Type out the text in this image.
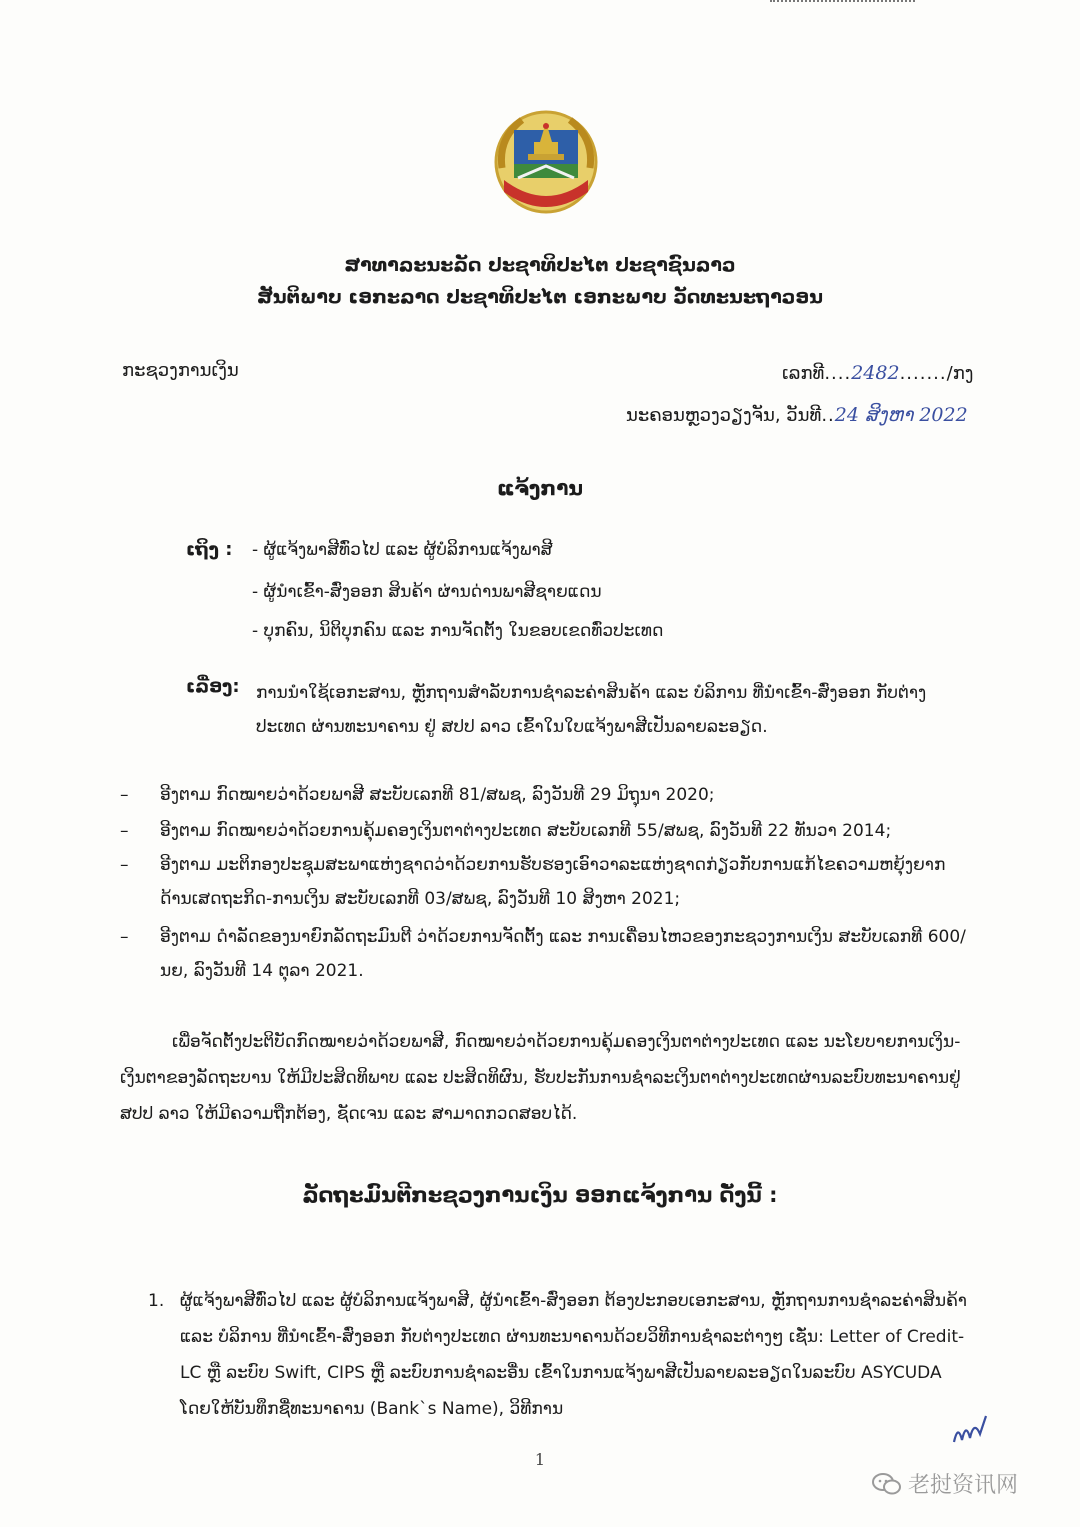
ສາທາລະນະລັດ ປະຊາທິປະໄຕ ປະຊາຊົນລາວ
ສັນຕິພາບ ເອກະລາດ ປະຊາທິປະໄຕ ເອກະພາບ ວັດທະນະຖາວອນ
ກະຊວງການເງິນ	ເລກທີ....2482......./ກງ
ນະຄອນຫຼວງວຽງຈັນ, ວັນທີ..24 ສິງຫາ 2022
ແຈ້ງການ
ເຖິງ : - ຜູ້ແຈ້ງພາສີທົ່ວໄປ ແລະ ຜູ້ບໍລິການແຈ້ງພາສີ
- ຜູ້ນໍາເຂົ້າ-ສົ່ງອອກ ສິນຄ້າ ຜ່ານດ່ານພາສີຊາຍແດນ
- ບຸກຄົນ, ນິຕິບຸກຄົນ ແລະ ການຈັດຕັ້ງ ໃນຂອບເຂດທົ່ວປະເທດ
ເລື່ອງ: ການນໍາໃຊ້ເອກະສານ, ຫຼັກຖານສໍາລັບການຊໍາລະຄ່າສິນຄ້າ ແລະ ບໍລິການ ທີ່ນໍາເຂົ້າ-ສົ່ງອອກ ກັບຕ່າງປະເທດ ຜ່ານທະນາຄານ ຢູ່ ສປປ ລາວ ເຂົ້າໃນໃບແຈ້ງພາສີເປັນລາຍລະອຽດ.
– ອີງຕາມ ກົດໝາຍວ່າດ້ວຍພາສີ ສະບັບເລກທີ 81/ສພຊ, ລົງວັນທີ 29 ມິຖຸນາ 2020;
– ອີງຕາມ ກົດໝາຍວ່າດ້ວຍການຄຸ້ມຄອງເງິນຕາຕ່າງປະເທດ ສະບັບເລກທີ 55/ສພຊ, ລົງວັນທີ 22 ທັນວາ 2014;
– ອີງຕາມ ມະຕິກອງປະຊຸມສະພາແຫ່ງຊາດວ່າດ້ວຍການຮັບຮອງເອົາວາລະແຫ່ງຊາດກ່ຽວກັບການແກ້ໄຂຄວາມຫຍຸ້ງຍາກດ້ານເສດຖະກິດ-ການເງິນ ສະບັບເລກທີ 03/ສພຊ, ລົງວັນທີ 10 ສິງຫາ 2021;
– ອີງຕາມ ດໍາລັດຂອງນາຍົກລັດຖະມົນຕີ ວ່າດ້ວຍການຈັດຕັ້ງ ແລະ ການເຄື່ອນໄຫວຂອງກະຊວງການເງິນ ສະບັບເລກທີ 600/ນຍ, ລົງວັນທີ 14 ຕຸລາ 2021.
ເພື່ອຈັດຕັ້ງປະຕິບັດກົດໝາຍວ່າດ້ວຍພາສີ, ກົດໝາຍວ່າດ້ວຍການຄຸ້ມຄອງເງິນຕາຕ່າງປະເທດ ແລະ ນະໂຍບາຍການເງິນ-ເງິນຕາຂອງລັດຖະບານ ໃຫ້ມີປະສິດທິພາບ ແລະ ປະສິດທິຜົນ, ຮັບປະກັນການຊໍາລະເງິນຕາຕ່າງປະເທດຜ່ານລະບົບທະນາຄານຢູ່ ສປປ ລາວ ໃຫ້ມີຄວາມຖືກຕ້ອງ, ຊັດເຈນ ແລະ ສາມາດກວດສອບໄດ້.
ລັດຖະມົນຕີກະຊວງການເງິນ ອອກແຈ້ງການ ດັ່ງນີ້ :
1. ຜູ້ແຈ້ງພາສີທົ່ວໄປ ແລະ ຜູ້ບໍລິການແຈ້ງພາສີ, ຜູ້ນໍາເຂົ້າ-ສົ່ງອອກ ຕ້ອງປະກອບເອກະສານ, ຫຼັກຖານການຊໍາລະຄ່າສິນຄ້າ ແລະ ບໍລິການ ທີ່ນໍາເຂົ້າ-ສົ່ງອອກ ກັບຕ່າງປະເທດ ຜ່ານທະນາຄານດ້ວຍວິທີການຊໍາລະຕ່າງໆ ເຊັ່ນ: Letter of Credit-LC ຫຼື ລະບົບ Swift, CIPS ຫຼື ລະບົບການຊໍາລະອື່ນ ເຂົ້າໃນການແຈ້ງພາສີເປັນລາຍລະອຽດໃນລະບົບ ASYCUDA ໂດຍໃຫ້ບັນທຶກຊື່ທະນາຄານ (Bank`s Name), ວິທີການ
1
老挝资讯网
